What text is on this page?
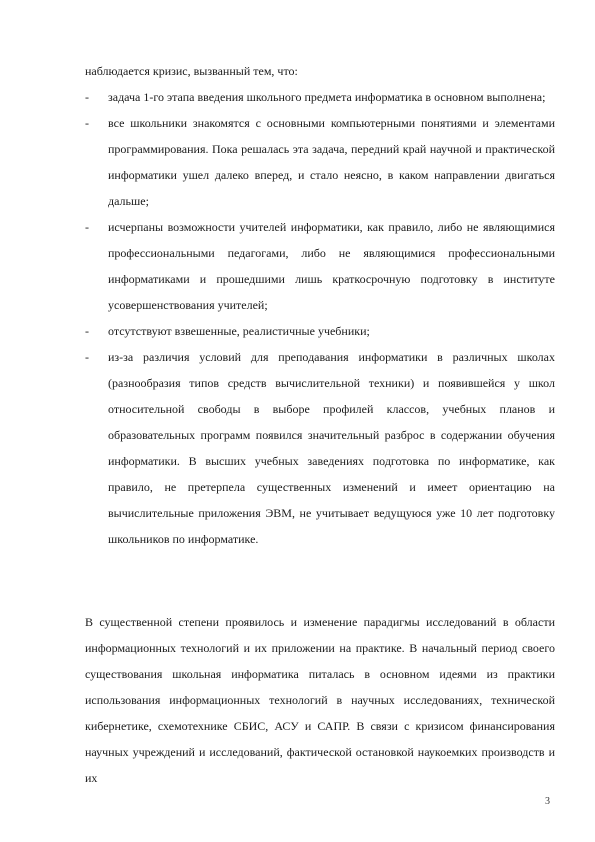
наблюдается кризис, вызванный тем, что:

- задача 1-го этапа введения школьного предмета информатика в основном выполнена;
- все школьники знакомятся с основными компьютерными понятиями и элементами программирования. Пока решалась эта задача, передний край научной и практической информатики ушел далеко вперед, и стало неясно, в каком направлении двигаться дальше;
- исчерпаны возможности учителей информатики, как правило, либо не являющимися профессиональными педагогами, либо не являющимися профессиональными информатиками и прошедшими лишь краткосрочную подготовку в институте усовершенствования учителей;
- отсутствуют взвешенные, реалистичные учебники;
- из-за различия условий для преподавания информатики в различных школах (разнообразия типов средств вычислительной техники) и появившейся у школ относительной свободы в выборе профилей классов, учебных планов и образовательных программ появился значительный разброс в содержании обучения информатики. В высших учебных заведениях подготовка по информатике, как правило, не претерпела существенных изменений и имеет ориентацию на вычислительные приложения ЭВМ, не учитывает ведущуюся уже 10 лет подготовку школьников по информатике.

В существенной степени проявилось и изменение парадигмы исследований в области информационных технологий и их приложении на практике. В начальный период своего существования школьная информатика питалась в основном идеями из практики использования информационных технологий в научных исследованиях, технической кибернетике, схемотехнике СБИС, АСУ и САПР. В связи с кризисом финансирования научных учреждений и исследований, фактической остановкой наукоемких производств и их

3
